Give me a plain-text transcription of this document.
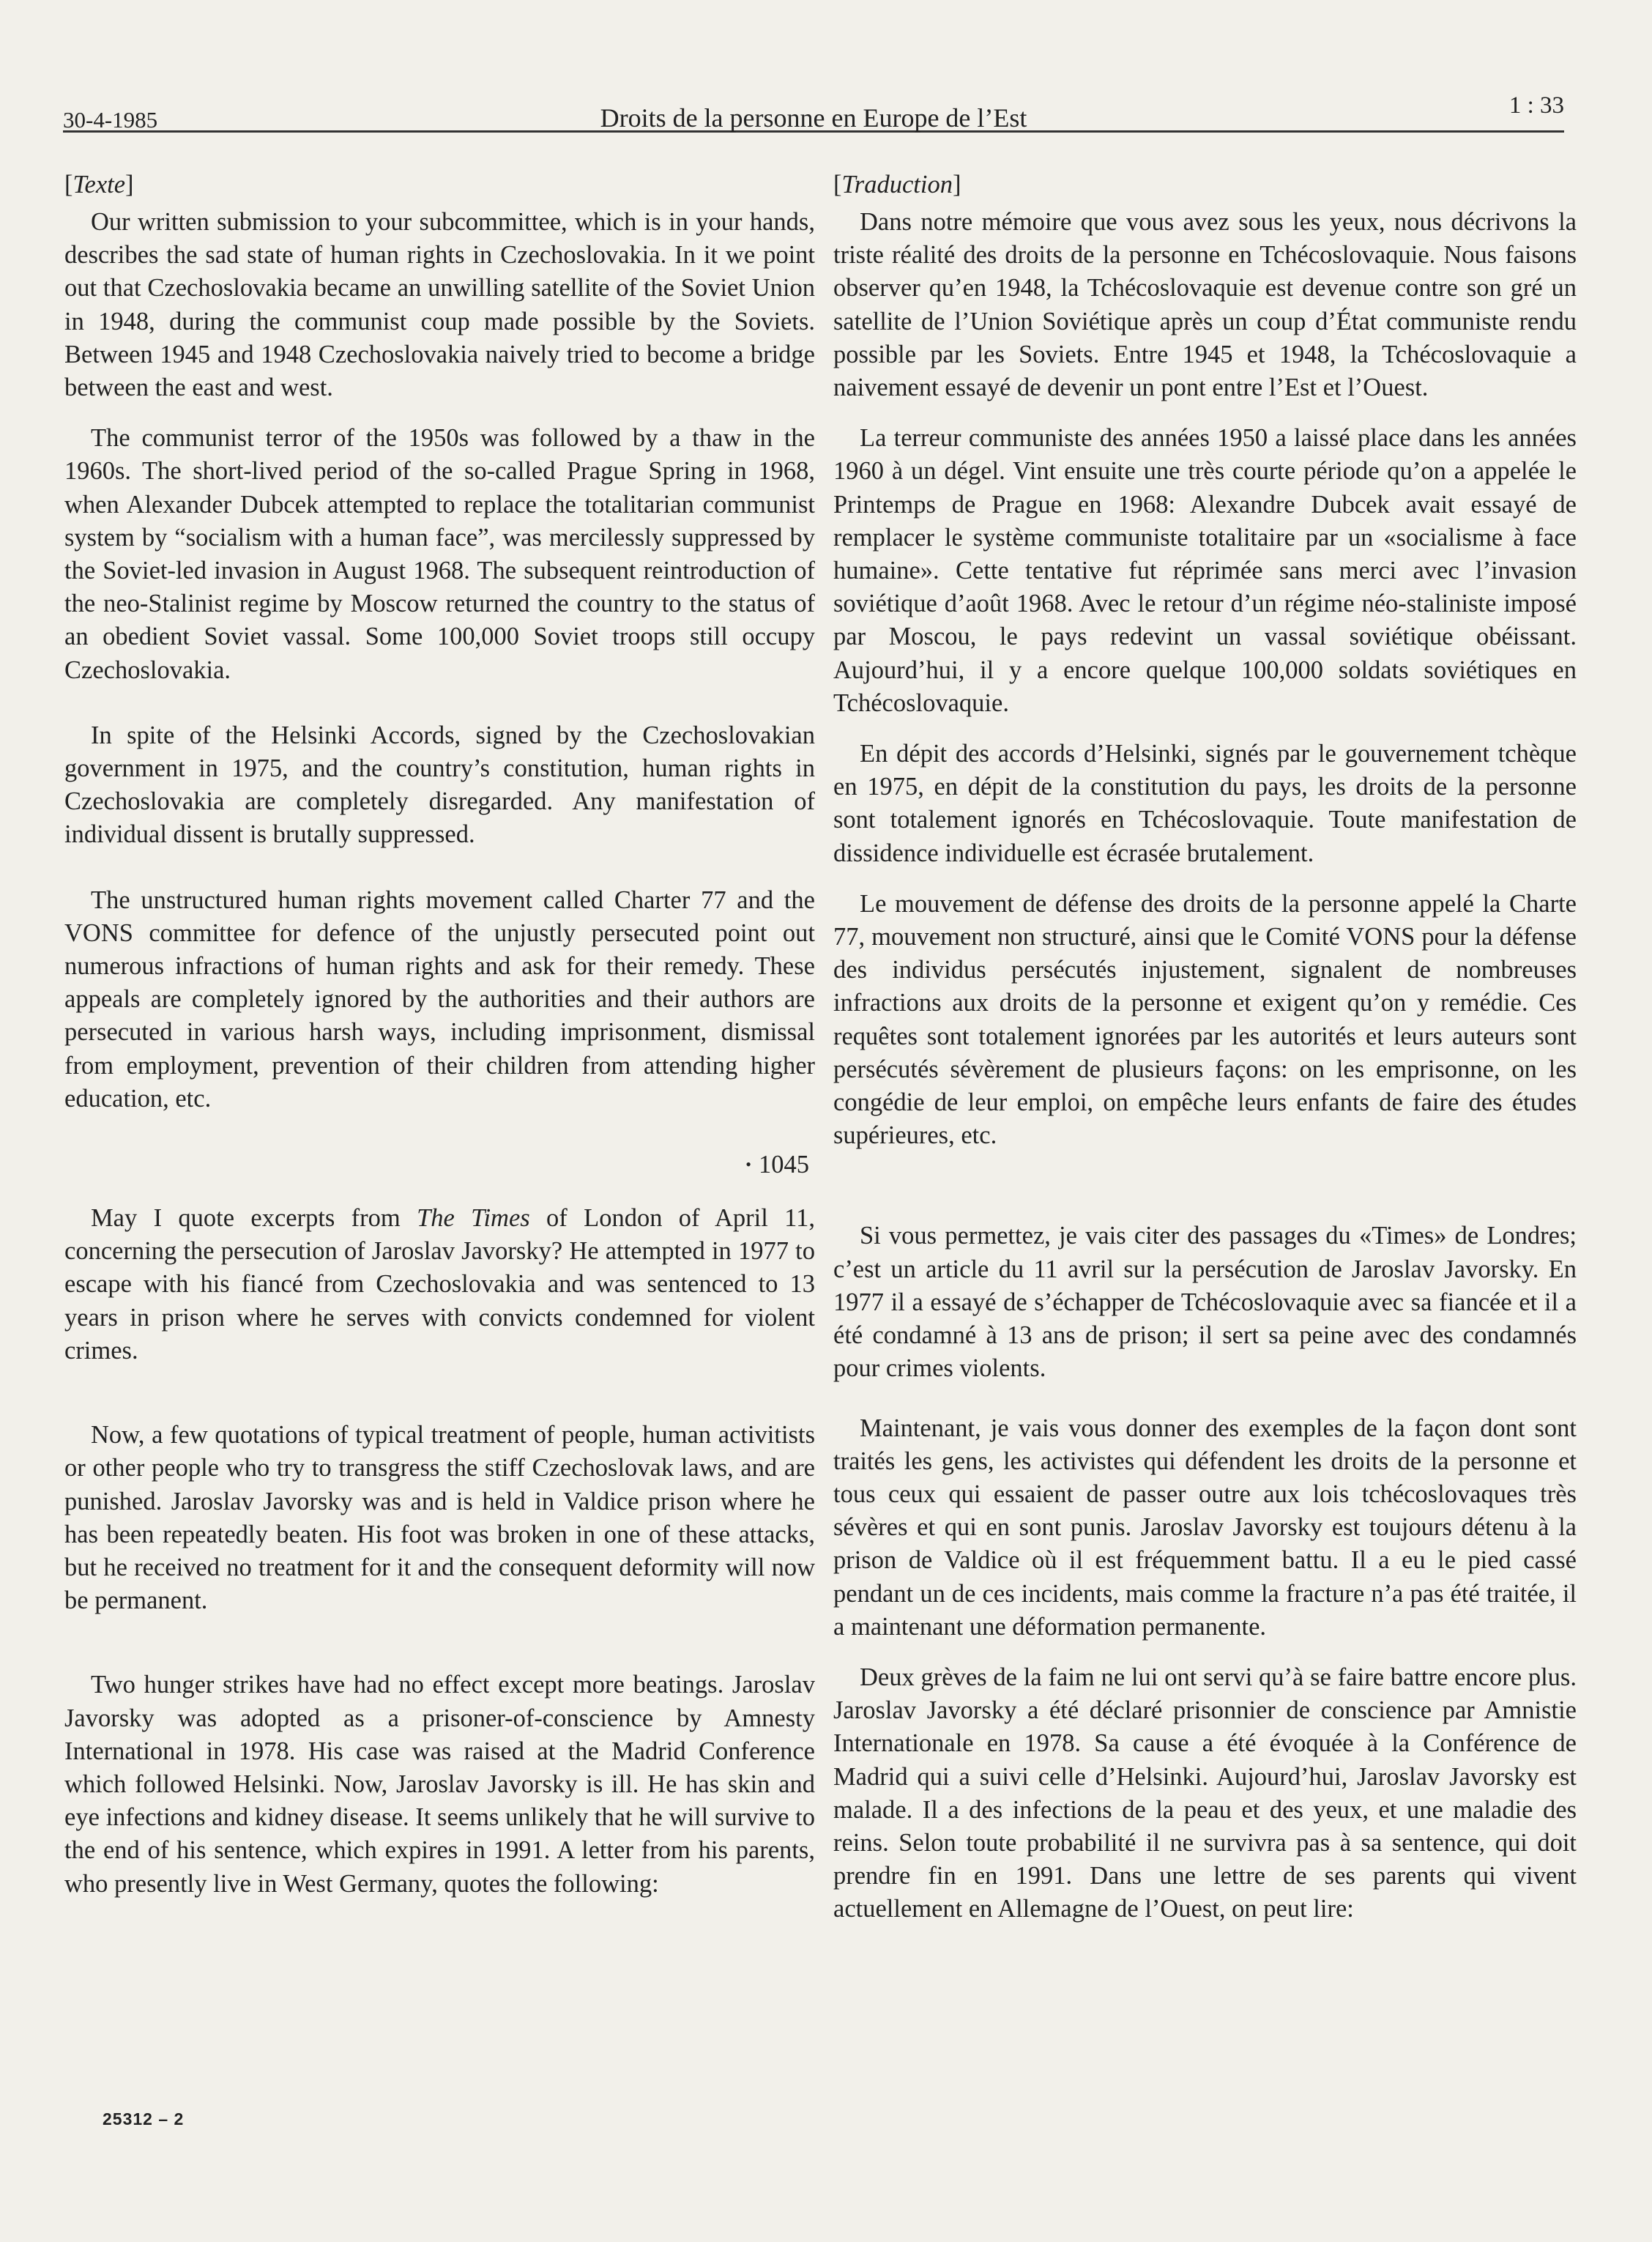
30-4-1985	Droits de la personne en Europe de l’Est	1 : 33
[Texte]

Our written submission to your subcommittee, which is in your hands, describes the sad state of human rights in Czechoslovakia. In it we point out that Czechoslovakia became an unwilling satellite of the Soviet Union in 1948, during the communist coup made possible by the Soviets. Between 1945 and 1948 Czechoslovakia naively tried to become a bridge between the east and west.

The communist terror of the 1950s was followed by a thaw in the 1960s. The short-lived period of the so-called Prague Spring in 1968, when Alexander Dubcek attempted to replace the totalitarian communist system by “socialism with a human face”, was mercilessly suppressed by the Soviet-led invasion in August 1968. The subsequent reintroduction of the neo-Stalinist regime by Moscow returned the country to the status of an obedient Soviet vassal. Some 100,000 Soviet troops still occupy Czechoslovakia.

In spite of the Helsinki Accords, signed by the Czechoslovakian government in 1975, and the country’s constitution, human rights in Czechoslovakia are completely disregarded. Any manifestation of individual dissent is brutally suppressed.

The unstructured human rights movement called Charter 77 and the VONS committee for defence of the unjustly persecuted point out numerous infractions of human rights and ask for their remedy. These appeals are completely ignored by the authorities and their authors are persecuted in various harsh ways, including imprisonment, dismissal from employment, prevention of their children from attending higher education, etc.

• 1045

May I quote excerpts from The Times of London of April 11, concerning the persecution of Jaroslav Javorsky? He attempted in 1977 to escape with his fiancé from Czechoslovakia and was sentenced to 13 years in prison where he serves with convicts condemned for violent crimes.

Now, a few quotations of typical treatment of people, human activitists or other people who try to transgress the stiff Czechoslovak laws, and are punished. Jaroslav Javorsky was and is held in Valdice prison where he has been repeatedly beaten. His foot was broken in one of these attacks, but he received no treatment for it and the consequent deformity will now be permanent.

Two hunger strikes have had no effect except more beatings. Jaroslav Javorsky was adopted as a prisoner-of-conscience by Amnesty International in 1978. His case was raised at the Madrid Conference which followed Helsinki. Now, Jaroslav Javorsky is ill. He has skin and eye infections and kidney disease. It seems unlikely that he will survive to the end of his sentence, which expires in 1991. A letter from his parents, who presently live in West Germany, quotes the following:

[Traduction]

Dans notre mémoire que vous avez sous les yeux, nous décrivons la triste réalité des droits de la personne en Tchécoslovaquie. Nous faisons observer qu’en 1948, la Tchécoslovaquie est devenue contre son gré un satellite de l’Union Soviétique après un coup d’État communiste rendu possible par les Soviets. Entre 1945 et 1948, la Tchécoslovaquie a naivement essayé de devenir un pont entre l’Est et l’Ouest.

La terreur communiste des années 1950 a laissé place dans les années 1960 à un dégel. Vint ensuite une très courte période qu’on a appelée le Printemps de Prague en 1968: Alexandre Dubcek avait essayé de remplacer le système communiste totalitaire par un «socialisme à face humaine». Cette tentative fut réprimée sans merci avec l’invasion soviétique d’août 1968. Avec le retour d’un régime néo-staliniste imposé par Moscou, le pays redevint un vassal soviétique obéissant. Aujourd’hui, il y a encore quelque 100,000 soldats soviétiques en Tchécoslovaquie.

En dépit des accords d’Helsinki, signés par le gouvernement tchèque en 1975, en dépit de la constitution du pays, les droits de la personne sont totalement ignorés en Tchécoslovaquie. Toute manifestation de dissidence individuelle est écrasée brutalement.

Le mouvement de défense des droits de la personne appelé la Charte 77, mouvement non structuré, ainsi que le Comité VONS pour la défense des individus persécutés injustement, signalent de nombreuses infractions aux droits de la personne et exigent qu’on y remédie. Ces requêtes sont totalement ignorées par les autorités et leurs auteurs sont persécutés sévèrement de plusieurs façons: on les emprisonne, on les congédie de leur emploi, on empêche leurs enfants de faire des études supérieures, etc.

Si vous permettez, je vais citer des passages du «Times» de Londres; c’est un article du 11 avril sur la persécution de Jaroslav Javorsky. En 1977 il a essayé de s’échapper de Tchécoslovaquie avec sa fiancée et il a été condamné à 13 ans de prison; il sert sa peine avec des condamnés pour crimes violents.

Maintenant, je vais vous donner des exemples de la façon dont sont traités les gens, les activistes qui défendent les droits de la personne et tous ceux qui essaient de passer outre aux lois tchécoslovaques très sévères et qui en sont punis. Jaroslav Javorsky est toujours détenu à la prison de Valdice où il est fréquemment battu. Il a eu le pied cassé pendant un de ces incidents, mais comme la fracture n’a pas été traitée, il a maintenant une déformation permanente.

Deux grèves de la faim ne lui ont servi qu’à se faire battre encore plus. Jaroslav Javorsky a été déclaré prisonnier de conscience par Amnistie Internationale en 1978. Sa cause a été évoquée à la Conférence de Madrid qui a suivi celle d’Helsinki. Aujourd’hui, Jaroslav Javorsky est malade. Il a des infections de la peau et des yeux, et une maladie des reins. Selon toute probabilité il ne survivra pas à sa sentence, qui doit prendre fin en 1991. Dans une lettre de ses parents qui vivent actuellement en Allemagne de l’Ouest, on peut lire:

25312 – 2
